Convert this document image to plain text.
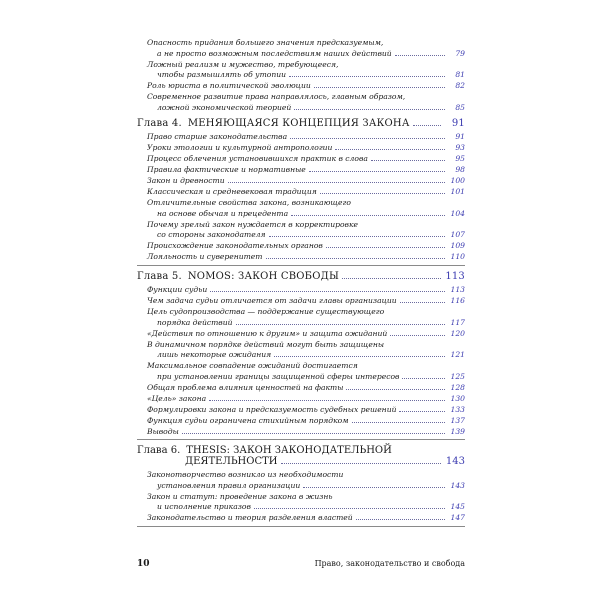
Опасность придания большего значения предсказуемым,
а не просто возможным последствиям наших действий	79
Ложный реализм и мужество, требующееся,
чтобы размышлять об утопии	81
Роль юриста в политической эволюции	82
Современное развитие права направлялось, главным образом,
ложной экономической теорией	85
Глава 4. МЕНЯЮЩАЯСЯ КОНЦЕПЦИЯ ЗАКОНА	91
Право старше законодательства	91
Уроки этологии и культурной антропологии	93
Процесс облечения установившихся практик в слова	95
Правила фактические и нормативные	98
Закон и древности	100
Классическая и средневековая традиция	101
Отличительные свойства закона, возникающего
на основе обычая и прецедента	104
Почему зрелый закон нуждается в корректировке
со стороны законодателя	107
Происхождение законодательных органов	109
Лояльность и суверенитет	110
Глава 5. NOMOS: ЗАКОН СВОБОДЫ	113
Функции судьи	113
Чем задача судьи отличается от задачи главы организации	116
Цель судопроизводства — поддержание существующего
порядка действий	117
«Действия по отношению к другим» и защита ожиданий	120
В динамичном порядке действий могут быть защищены
лишь некоторые ожидания	121
Максимальное совпадение ожиданий достигается
при установлении границы защищенной сферы интересов	125
Общая проблема влияния ценностей на факты	128
«Цель» закона	130
Формулировки закона и предсказуемость судебных решений	133
Функция судьи ограничена стихийным порядком	137
Выводы	139
Глава 6. THESIS: ЗАКОН ЗАКОНОДАТЕЛЬНОЙ
ДЕЯТЕЛЬНОСТИ	143
Законотворчество возникло из необходимости
установления правил организации	143
Закон и статут: проведение закона в жизнь
и исполнение приказов	145
Законодательство и теория разделения властей	147
10	Право, законодательство и свобода
